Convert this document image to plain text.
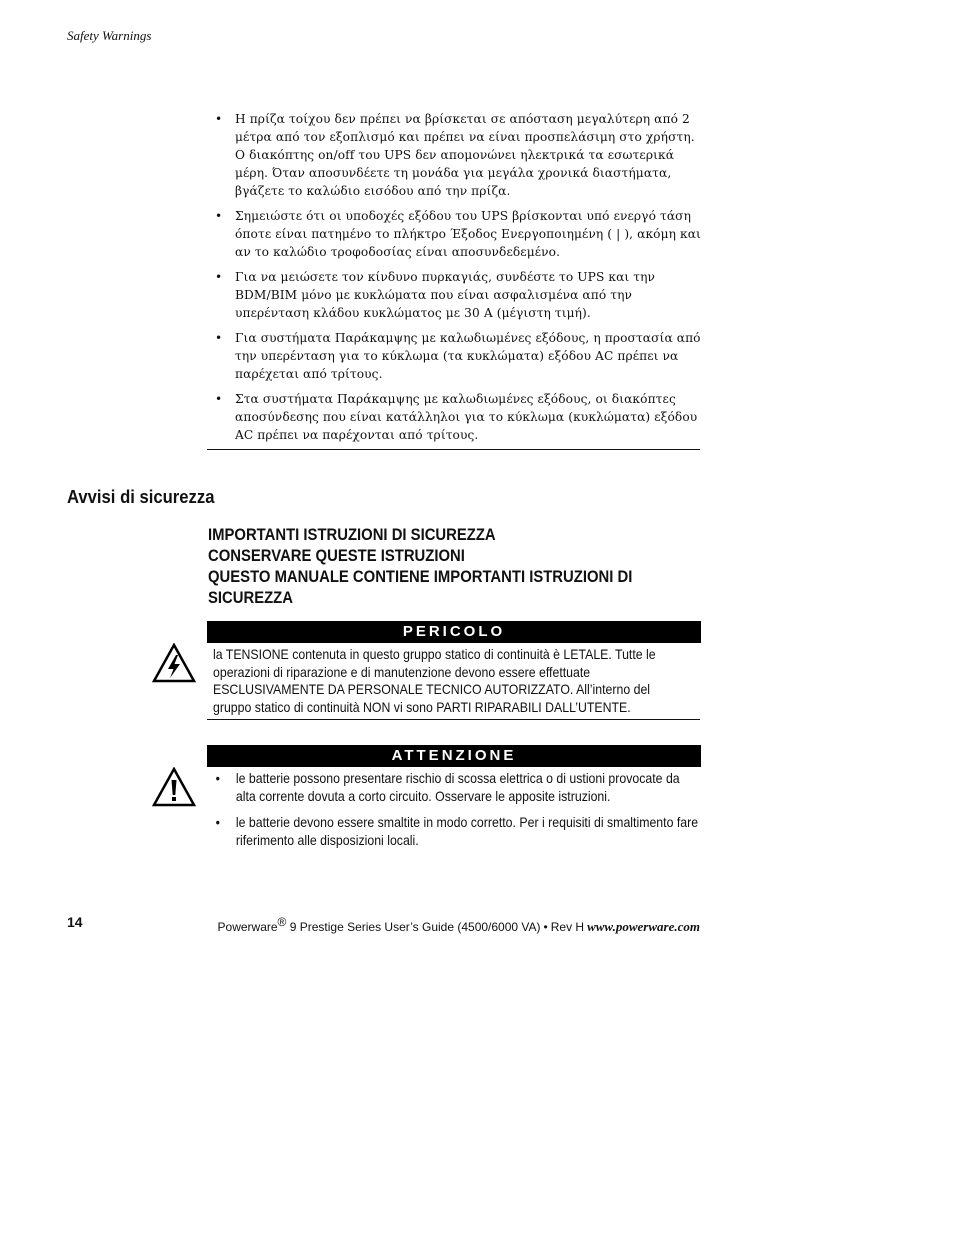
Safety Warnings
• Η πρίζα τοίχου δεν πρέπει να βρίσκεται σε απόσταση μεγαλύτερη από 2 μέτρα από τον εξοπλισμό και πρέπει να είναι προσπελάσιμη στο χρήστη. Ο διακόπτης on/off του UPS δεν απομονώνει ηλεκτρικά τα εσωτερικά μέρη. Όταν αποσυνδέετε τη μονάδα για μεγάλα χρονικά διαστήματα, βγάζετε το καλώδιο εισόδου από την πρίζα.
• Σημειώστε ότι οι υποδοχές εξόδου του UPS βρίσκονται υπό ενεργό τάση όποτε είναι πατημένο το πλήκτρο Έξοδος Ενεργοποιημένη ( | ), ακόμη και αν το καλώδιο τροφοδοσίας είναι αποσυνδεδεμένο.
• Για να μειώσετε τον κίνδυνο πυρκαγιάς, συνδέστε το UPS και την BDM/BIM μόνο με κυκλώματα που είναι ασφαλισμένα από την υπερένταση κλάδου κυκλώματος με 30 A (μέγιστη τιμή).
• Για συστήματα Παράκαμψης με καλωδιωμένες εξόδους, η προστασία από την υπερένταση για το κύκλωμα (τα κυκλώματα) εξόδου AC πρέπει να παρέχεται από τρίτους.
• Στα συστήματα Παράκαμψης με καλωδιωμένες εξόδους, οι διακόπτες αποσύνδεσης που είναι κατάλληλοι για το κύκλωμα (κυκλώματα) εξόδου AC πρέπει να παρέχονται από τρίτους.
Avvisi di sicurezza
IMPORTANTI ISTRUZIONI DI SICUREZZA
CONSERVARE QUESTE ISTRUZIONI
QUESTO MANUALE CONTIENE IMPORTANTI ISTRUZIONI DI
SICUREZZA
PERICOLO
la TENSIONE contenuta in questo gruppo statico di continuità è LETALE. Tutte le operazioni di riparazione e di manutenzione devono essere effettuate ESCLUSIVAMENTE DA PERSONALE TECNICO AUTORIZZATO. All’interno del gruppo statico di continuità NON vi sono PARTI RIPARABILI DALL’UTENTE.
ATTENZIONE
• le batterie possono presentare rischio di scossa elettrica o di ustioni provocate da alta corrente dovuta a corto circuito. Osservare le apposite istruzioni.
• le batterie devono essere smaltite in modo corretto. Per i requisiti di smaltimento fare riferimento alle disposizioni locali.
14	Powerware® 9 Prestige Series User’s Guide (4500/6000 VA) • Rev H www.powerware.com
